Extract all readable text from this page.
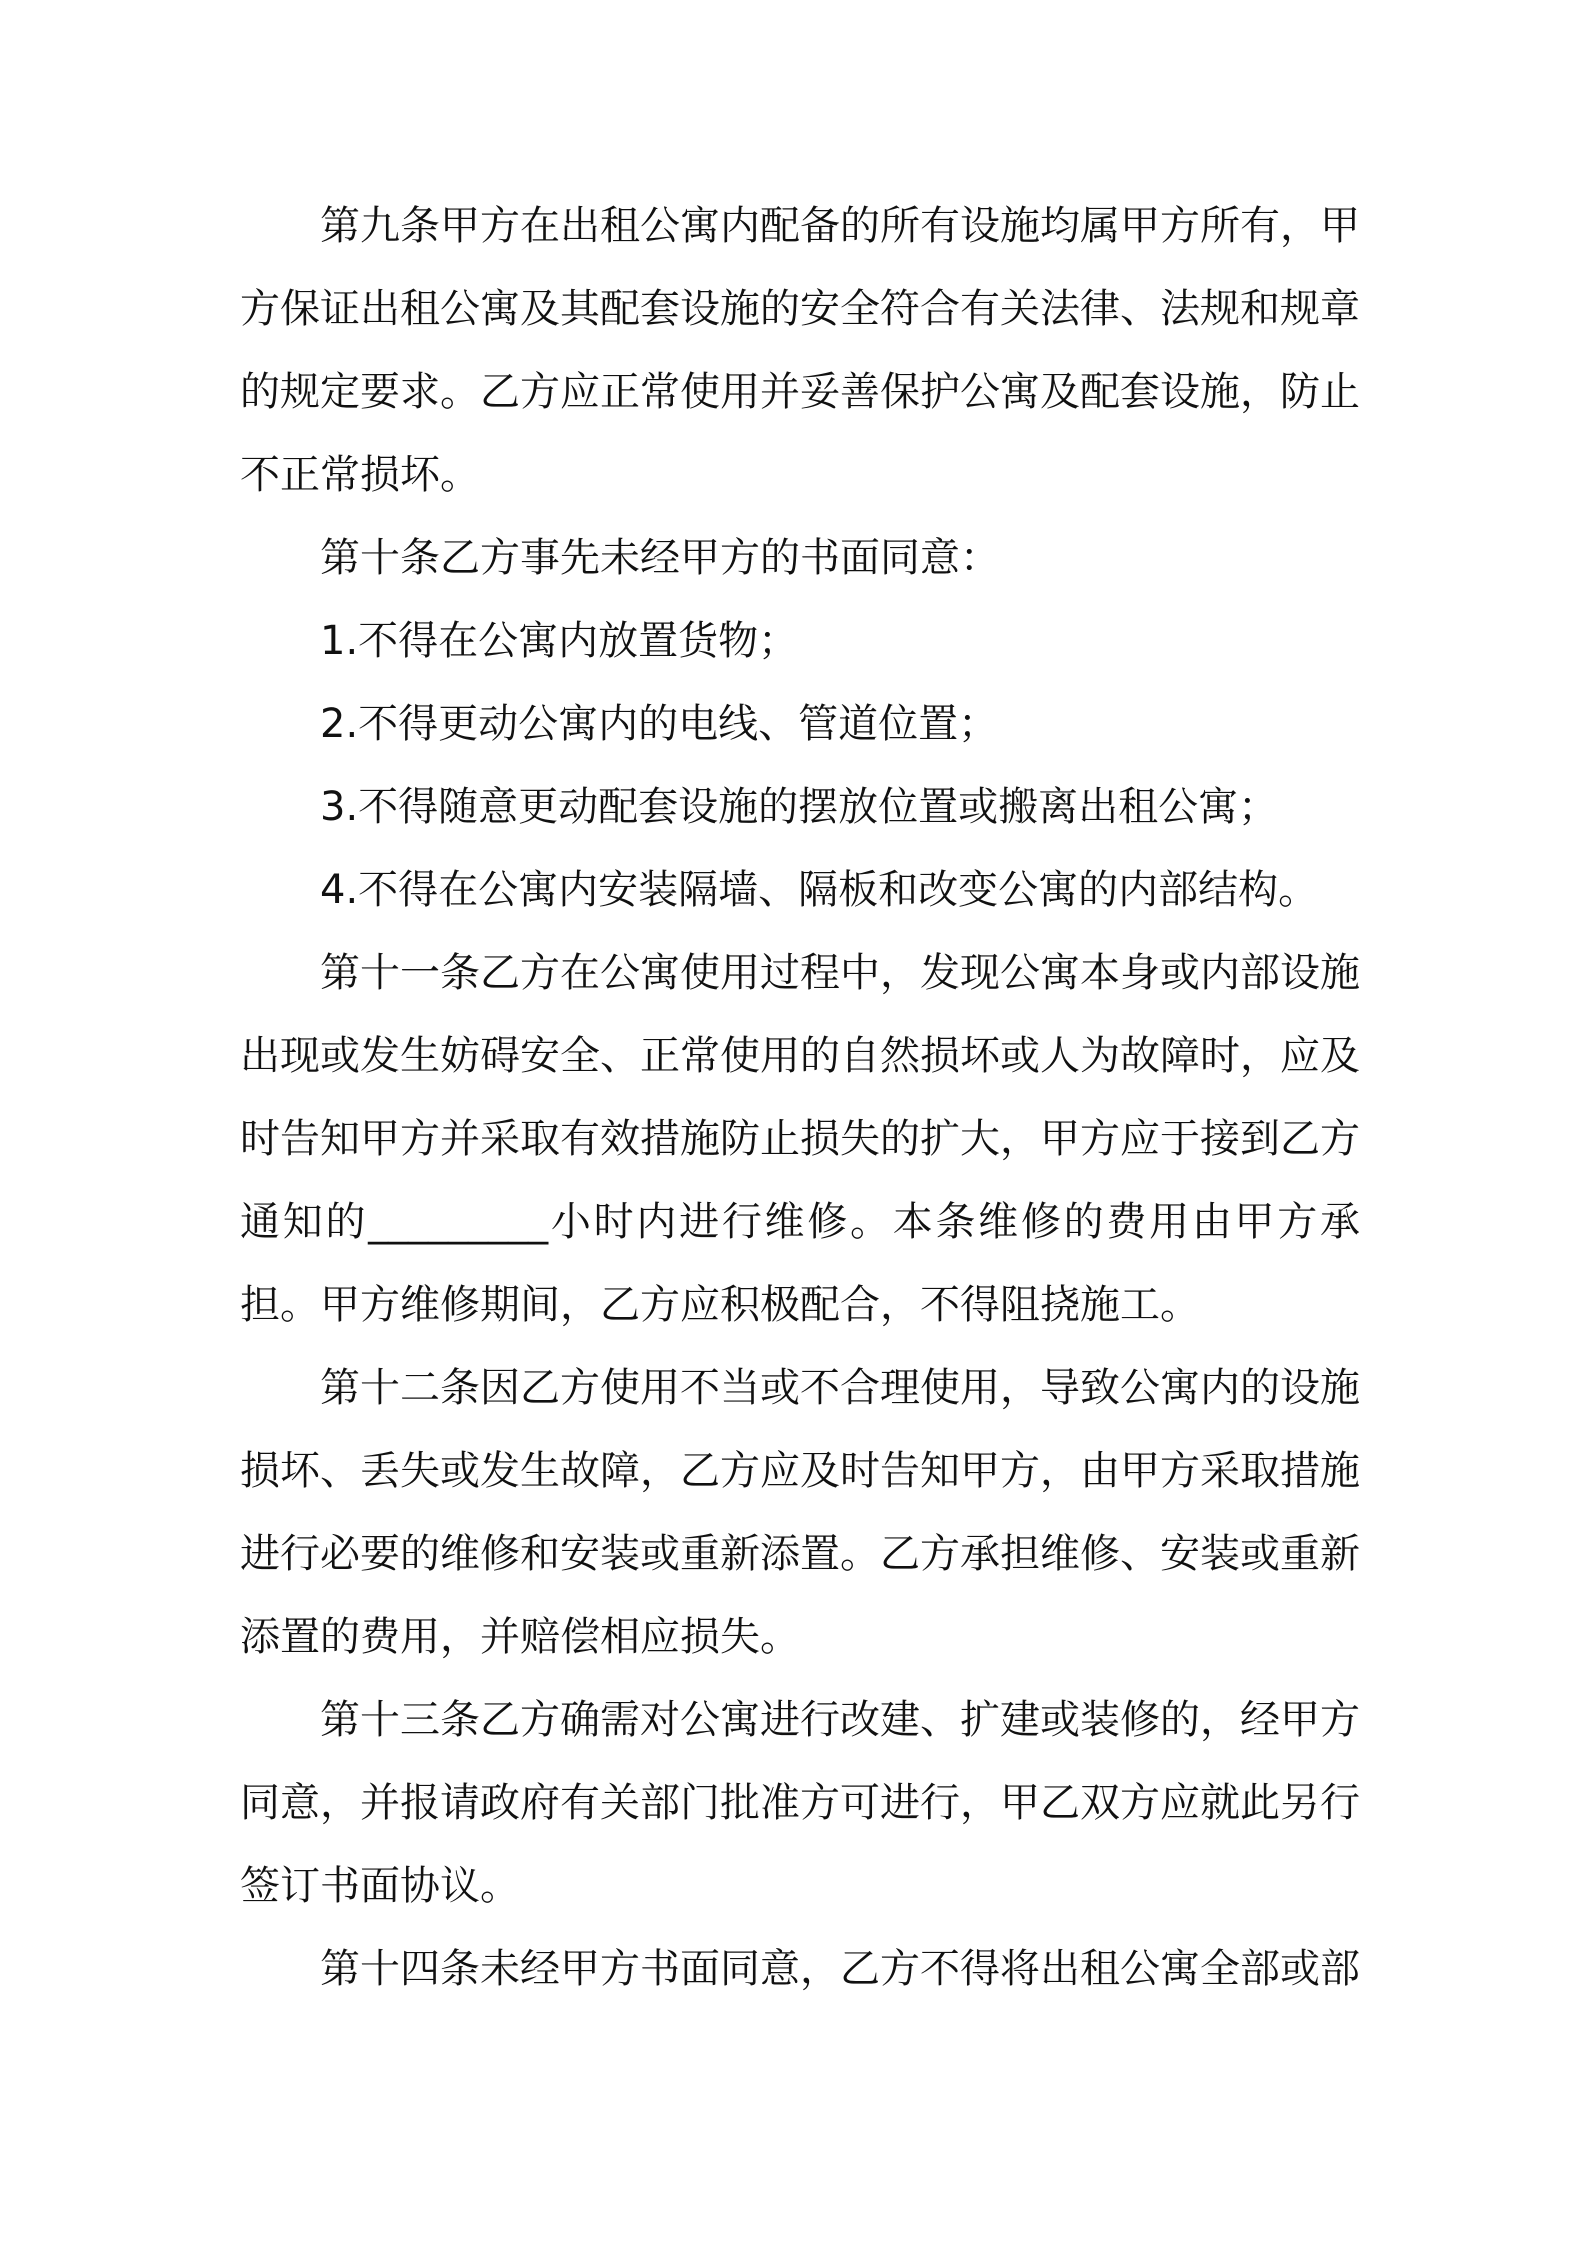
第九条甲方在出租公寓内配备的所有设施均属甲方所有，甲方保证出租公寓及其配套设施的安全符合有关法律、法规和规章的规定要求。乙方应正常使用并妥善保护公寓及配套设施，防止不正常损坏。

第十条乙方事先未经甲方的书面同意：

1.不得在公寓内放置货物；

2.不得更动公寓内的电线、管道位置；

3.不得随意更动配套设施的摆放位置或搬离出租公寓；

4.不得在公寓内安装隔墙、隔板和改变公寓的内部结构。

第十一条乙方在公寓使用过程中，发现公寓本身或内部设施出现或发生妨碍安全、正常使用的自然损坏或人为故障时，应及时告知甲方并采取有效措施防止损失的扩大，甲方应于接到乙方通知的_________小时内进行维修。本条维修的费用由甲方承担。甲方维修期间，乙方应积极配合，不得阻挠施工。

第十二条因乙方使用不当或不合理使用，导致公寓内的设施损坏、丢失或发生故障，乙方应及时告知甲方，由甲方采取措施进行必要的维修和安装或重新添置。乙方承担维修、安装或重新添置的费用，并赔偿相应损失。

第十三条乙方确需对公寓进行改建、扩建或装修的，经甲方同意，并报请政府有关部门批准方可进行，甲乙双方应就此另行签订书面协议。

第十四条未经甲方书面同意，乙方不得将出租公寓全部或部
